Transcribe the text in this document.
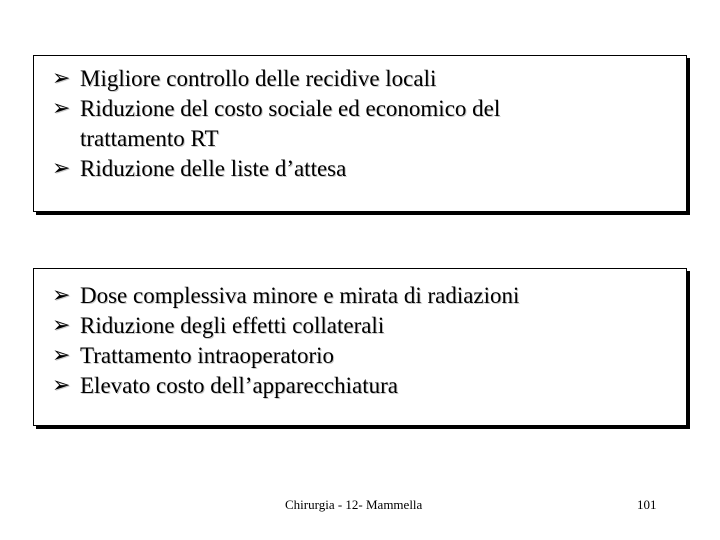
➢ Migliore controllo delle recidive locali
➢ Riduzione del costo sociale ed economico del trattamento RT
➢ Riduzione delle liste d’attesa
➢ Dose complessiva minore e mirata di radiazioni
➢ Riduzione degli effetti collaterali
➢ Trattamento intraoperatorio
➢ Elevato costo dell’apparecchiatura
Chirurgia - 12- Mammella	101
